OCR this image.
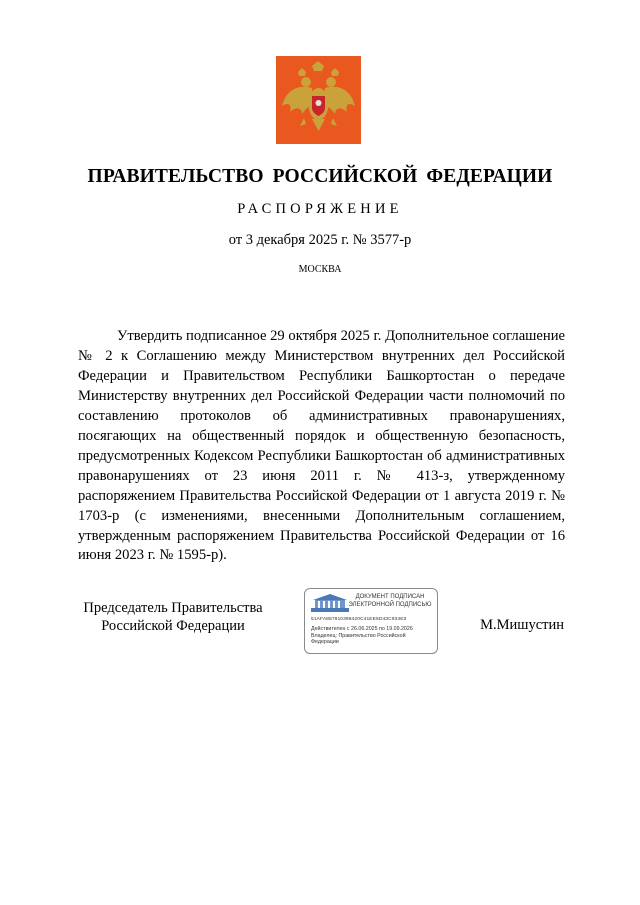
ПРАВИТЕЛЬСТВО РОССИЙСКОЙ ФЕДЕРАЦИИ
РАСПОРЯЖЕНИЕ
от 3 декабря 2025 г. № 3577-р
МОСКВА

Утвердить подписанное 29 октября 2025 г. Дополнительное соглашение № 2 к Соглашению между Министерством внутренних дел Российской Федерации и Правительством Республики Башкортостан о передаче Министерству внутренних дел Российской Федерации части полномочий по составлению протоколов об административных правонарушениях, посягающих на общественный порядок и общественную безопасность, предусмотренных Кодексом Республики Башкортостан об административных правонарушениях от 23 июня 2011 г. № 413-з, утвержденному распоряжением Правительства Российской Федерации от 1 августа 2019 г. № 1703-р (с изменениями, внесенными Дополнительным соглашением, утвержденным распоряжением Правительства Российской Федерации от 16 июня 2023 г. № 1595-р).

Председатель Правительства
Российской Федерации
ДОКУМЕНТ ПОДПИСАН
ЭЛЕКТРОННОЙ ПОДПИСЬЮ
51AFA887810398420C41EE5D43C933E3
Действителен с 26.06.2025 по 19.09.2026
Владелец: Правительство Российской Федерации
М.Мишустин
